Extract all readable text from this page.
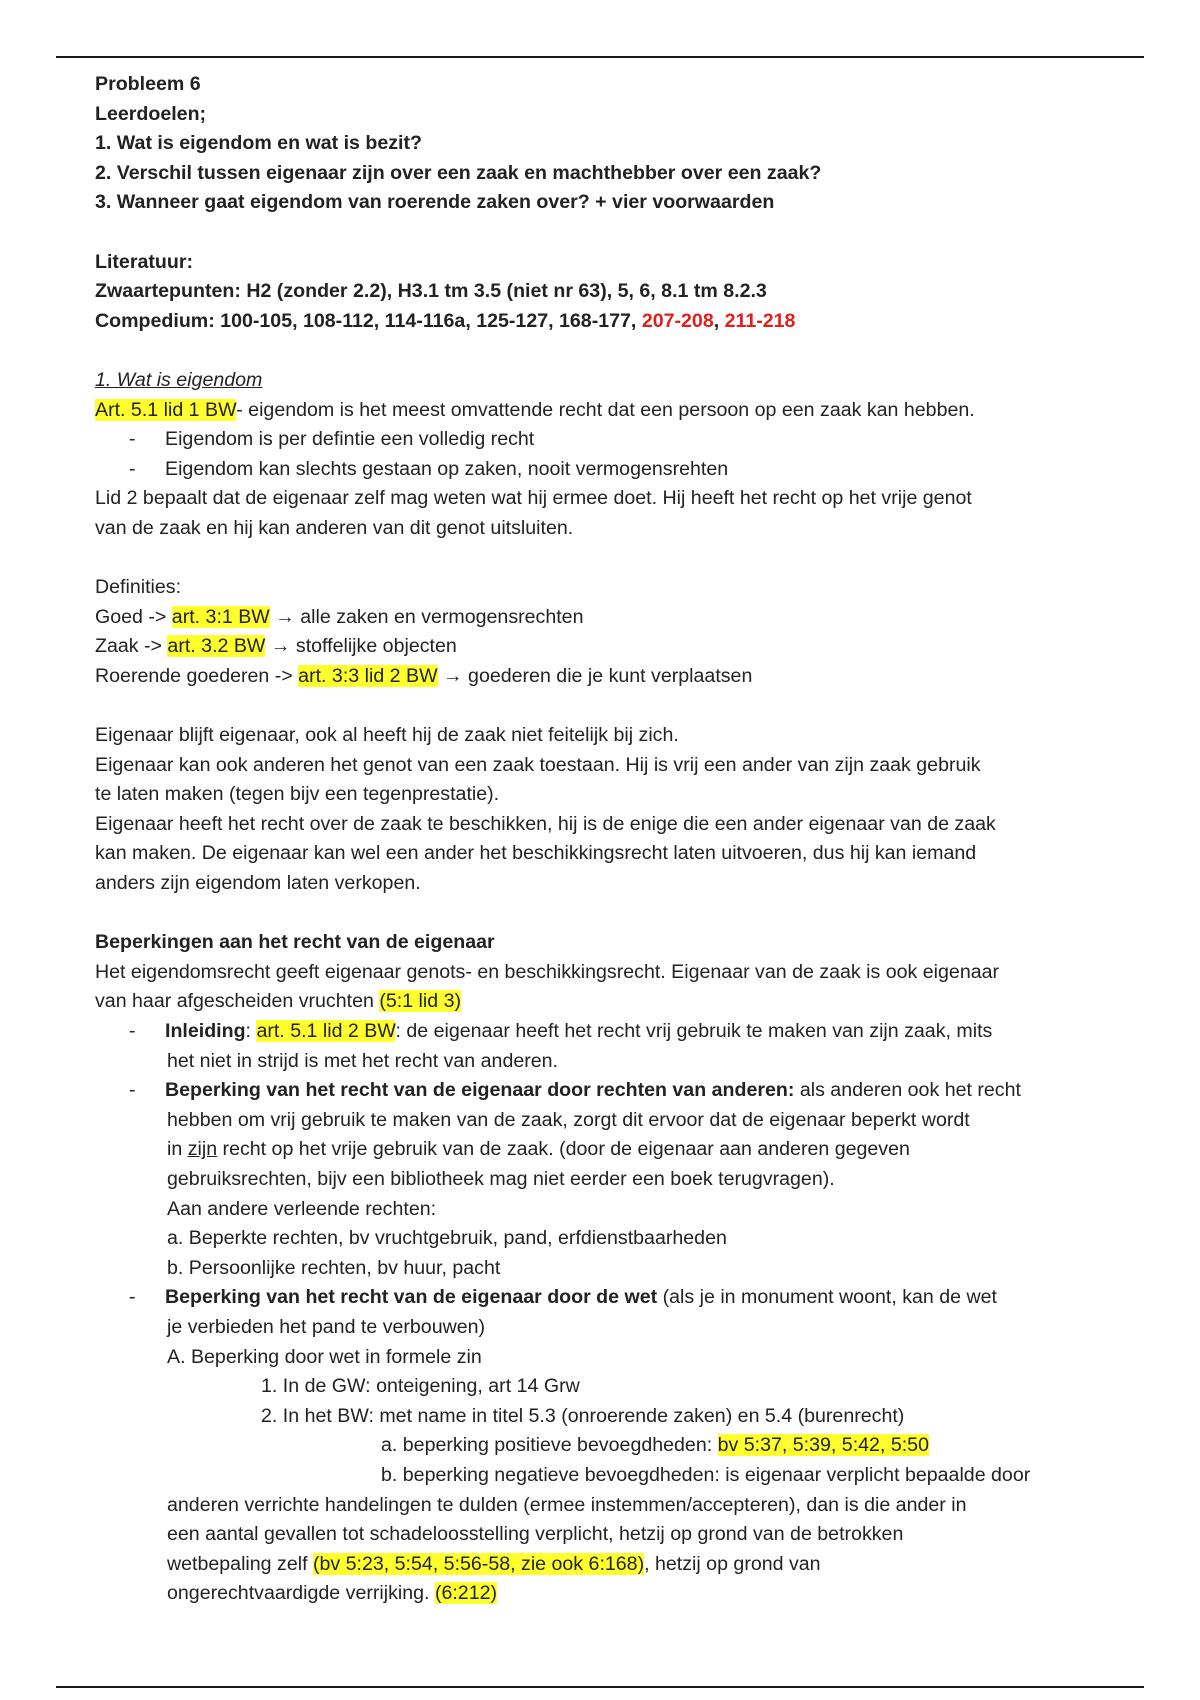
Probleem 6
Leerdoelen;
1. Wat is eigendom en wat is bezit?
2. Verschil tussen eigenaar zijn over een zaak en machthebber over een zaak?
3. Wanneer gaat eigendom van roerende zaken over? + vier voorwaarden
Literatuur:
Zwaartepunten: H2 (zonder 2.2), H3.1 tm 3.5 (niet nr 63), 5, 6, 8.1 tm 8.2.3
Compedium: 100-105, 108-112, 114-116a, 125-127, 168-177, 207-208, 211-218
1. Wat is eigendom
Art. 5.1 lid 1 BW- eigendom is het meest omvattende recht dat een persoon op een zaak kan hebben.
- Eigendom is per defintie een volledig recht
- Eigendom kan slechts gestaan op zaken, nooit vermogensrehten
Lid 2 bepaalt dat de eigenaar zelf mag weten wat hij ermee doet. Hij heeft het recht op het vrije genot
van de zaak en hij kan anderen van dit genot uitsluiten.
Definities:
Goed -> art. 3:1 BW → alle zaken en vermogensrechten
Zaak -> art. 3.2 BW → stoffelijke objecten
Roerende goederen -> art. 3:3 lid 2 BW → goederen die je kunt verplaatsen
Eigenaar blijft eigenaar, ook al heeft hij de zaak niet feitelijk bij zich.
Eigenaar kan ook anderen het genot van een zaak toestaan. Hij is vrij een ander van zijn zaak gebruik
te laten maken (tegen bijv een tegenprestatie).
Eigenaar heeft het recht over de zaak te beschikken, hij is de enige die een ander eigenaar van de zaak
kan maken. De eigenaar kan wel een ander het beschikkingsrecht laten uitvoeren, dus hij kan iemand
anders zijn eigendom laten verkopen.
Beperkingen aan het recht van de eigenaar
Het eigendomsrecht geeft eigenaar genots- en beschikkingsrecht. Eigenaar van de zaak is ook eigenaar
van haar afgescheiden vruchten (5:1 lid 3)
- Inleiding: art. 5.1 lid 2 BW: de eigenaar heeft het recht vrij gebruik te maken van zijn zaak, mits
het niet in strijd is met het recht van anderen.
- Beperking van het recht van de eigenaar door rechten van anderen: als anderen ook het recht
hebben om vrij gebruik te maken van de zaak, zorgt dit ervoor dat de eigenaar beperkt wordt
in zijn recht op het vrije gebruik van de zaak. (door de eigenaar aan anderen gegeven
gebruiksrechten, bijv een bibliotheek mag niet eerder een boek terugvragen).
Aan andere verleende rechten:
a. Beperkte rechten, bv vruchtgebruik, pand, erfdienstbaarheden
b. Persoonlijke rechten, bv huur, pacht
- Beperking van het recht van de eigenaar door de wet (als je in monument woont, kan de wet
je verbieden het pand te verbouwen)
A. Beperking door wet in formele zin
1. In de GW: onteigening, art 14 Grw
2. In het BW: met name in titel 5.3 (onroerende zaken) en 5.4 (burenrecht)
a. beperking positieve bevoegdheden: bv 5:37, 5:39, 5:42, 5:50
b. beperking negatieve bevoegdheden: is eigenaar verplicht bepaalde door
anderen verrichte handelingen te dulden (ermee instemmen/accepteren), dan is die ander in
een aantal gevallen tot schadeloosstelling verplicht, hetzij op grond van de betrokken
wetbepaling zelf (bv 5:23, 5:54, 5:56-58, zie ook 6:168), hetzij op grond van
ongerechtvaardigde verrijking. (6:212)
